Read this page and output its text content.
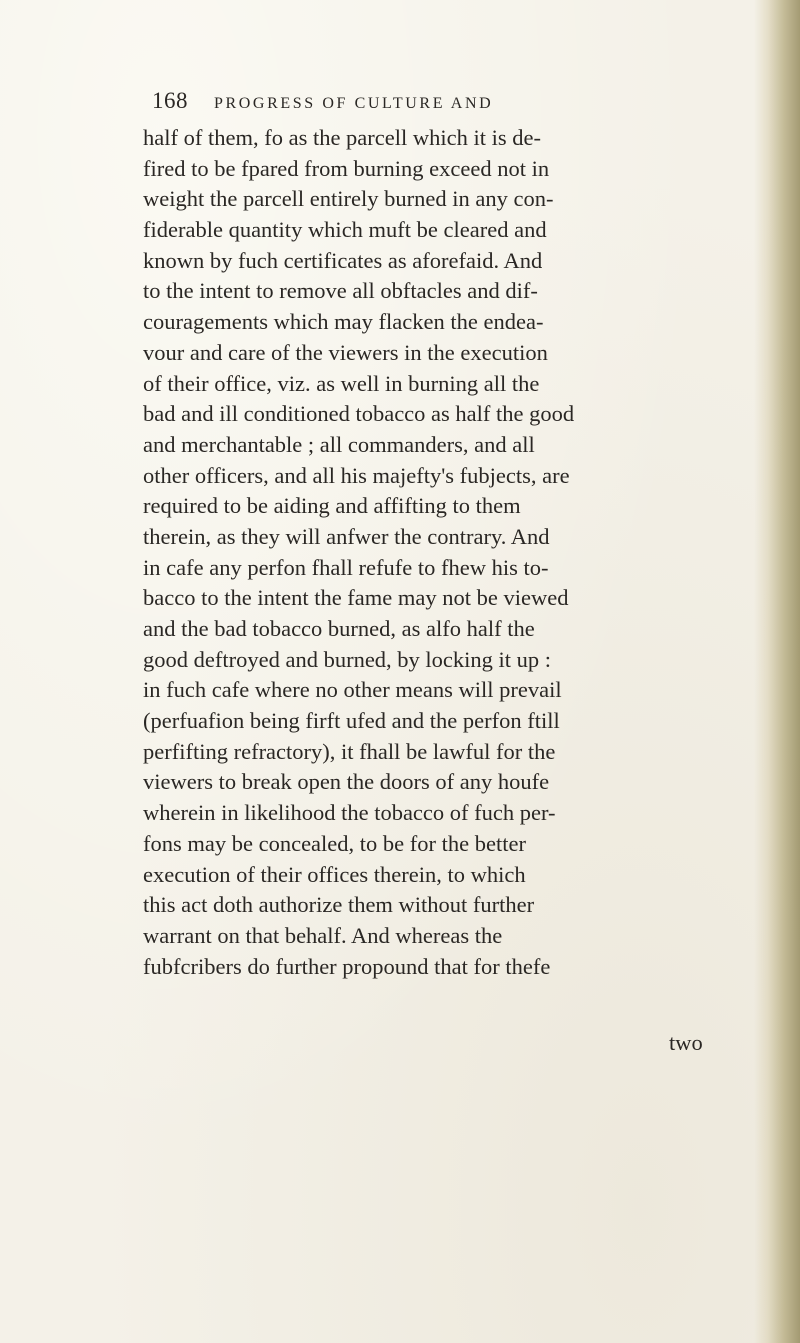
168	PROGRESS OF CULTURE AND
half of them, fo as the parcell which it is de-
fired to be fpared from burning exceed not in
weight the parcell entirely burned in any con-
fiderable quantity which muft be cleared and
known by fuch certificates as aforefaid. And
to the intent to remove all obftacles and dif-
couragements which may flacken the endea-
vour and care of the viewers in the execution
of their office, viz. as well in burning all the
bad and ill conditioned tobacco as half the good
and merchantable ; all commanders, and all
other officers, and all his majefty's fubjects, are
required to be aiding and affifting to them
therein, as they will anfwer the contrary. And
in cafe any perfon fhall refufe to fhew his to-
bacco to the intent the fame may not be viewed
and the bad tobacco burned, as alfo half the
good deftroyed and burned, by locking it up :
in fuch cafe where no other means will prevail
(perfuafion being firft ufed and the perfon ftill
perfifting refractory), it fhall be lawful for the
viewers to break open the doors of any houfe
wherein in likelihood the tobacco of fuch per-
fons may be concealed, to be for the better
execution of their offices therein, to which
this act doth authorize them without further
warrant on that behalf. And whereas the
fubfcribers do further propound that for thefe
two
